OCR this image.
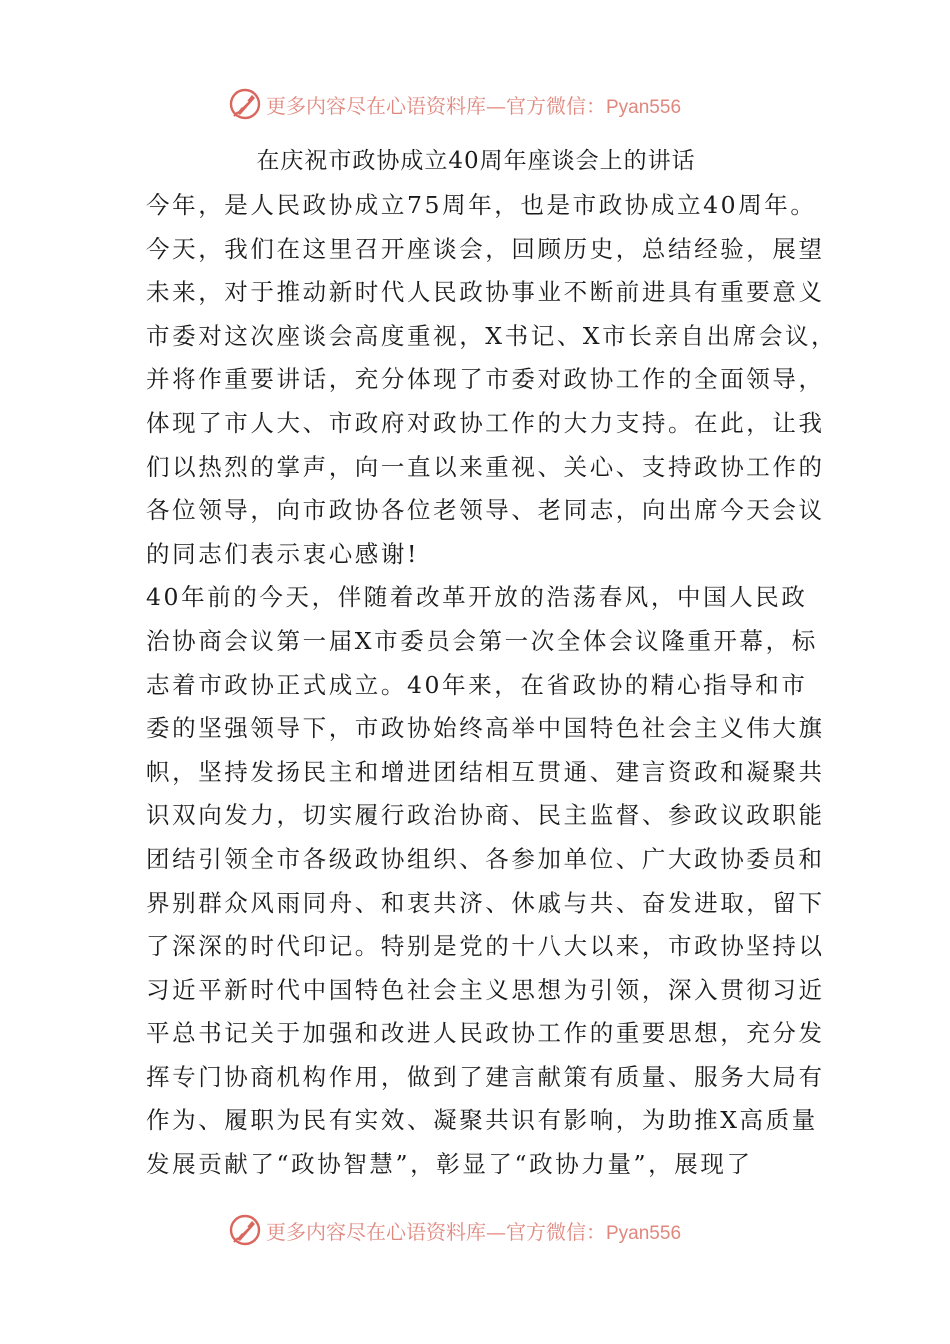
更多内容尽在心语资料库—官方微信：Pyan556
在庆祝市政协成立40周年座谈会上的讲话
今年，是人民政协成立75周年，也是市政协成立40周年。
今天，我们在这里召开座谈会，回顾历史，总结经验，展望
未来，对于推动新时代人民政协事业不断前进具有重要意义
市委对这次座谈会高度重视，X书记、X市长亲自出席会议，
并将作重要讲话，充分体现了市委对政协工作的全面领导，
体现了市人大、市政府对政协工作的大力支持。在此，让我
们以热烈的掌声，向一直以来重视、关心、支持政协工作的
各位领导，向市政协各位老领导、老同志，向出席今天会议
的同志们表示衷心感谢!
40年前的今天，伴随着改革开放的浩荡春风，中国人民政
治协商会议第一届X市委员会第一次全体会议隆重开幕，标
志着市政协正式成立。40年来，在省政协的精心指导和市
委的坚强领导下，市政协始终高举中国特色社会主义伟大旗
帜，坚持发扬民主和增进团结相互贯通、建言资政和凝聚共
识双向发力，切实履行政治协商、民主监督、参政议政职能
团结引领全市各级政协组织、各参加单位、广大政协委员和
界别群众风雨同舟、和衷共济、休戚与共、奋发进取，留下
了深深的时代印记。特别是党的十八大以来，市政协坚持以
习近平新时代中国特色社会主义思想为引领，深入贯彻习近
平总书记关于加强和改进人民政协工作的重要思想，充分发
挥专门协商机构作用，做到了建言献策有质量、服务大局有
作为、履职为民有实效、凝聚共识有影响，为助推X高质量
发展贡献了“政协智慧”，彰显了“政协力量”，展现了
更多内容尽在心语资料库—官方微信：Pyan556
